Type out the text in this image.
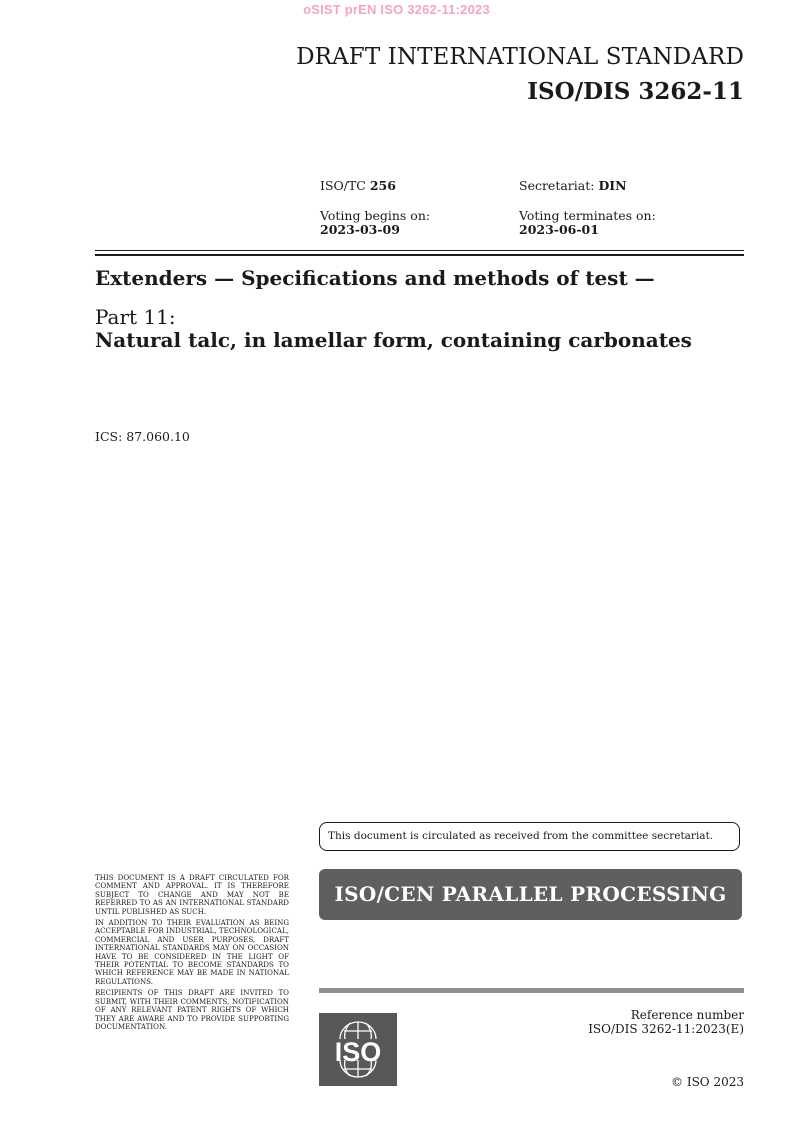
oSIST prEN ISO 3262-11:2023
DRAFT INTERNATIONAL STANDARD
ISO/DIS 3262-11
ISO/TC 256	Secretariat: DIN
Voting begins on:
2023-03-09
Voting terminates on:
2023-06-01
Extenders — Specifications and methods of test —
Part 11:
Natural talc, in lamellar form, containing carbonates
ICS: 87.060.10
This document is circulated as received from the committee secretariat.
ISO/CEN PARALLEL PROCESSING

THIS DOCUMENT IS A DRAFT CIRCULATED FOR COMMENT AND APPROVAL. IT IS THEREFORE SUBJECT TO CHANGE AND MAY NOT BE REFERRED TO AS AN INTERNATIONAL STANDARD UNTIL PUBLISHED AS SUCH.

IN ADDITION TO THEIR EVALUATION AS BEING ACCEPTABLE FOR INDUSTRIAL, TECHNOLOGICAL, COMMERCIAL AND USER PURPOSES, DRAFT INTERNATIONAL STANDARDS MAY ON OCCASION HAVE TO BE CONSIDERED IN THE LIGHT OF THEIR POTENTIAL TO BECOME STANDARDS TO WHICH REFERENCE MAY BE MADE IN NATIONAL REGULATIONS.

RECIPIENTS OF THIS DRAFT ARE INVITED TO SUBMIT, WITH THEIR COMMENTS, NOTIFICATION OF ANY RELEVANT PATENT RIGHTS OF WHICH THEY ARE AWARE AND TO PROVIDE SUPPORTING DOCUMENTATION.

ISO
Reference number
ISO/DIS 3262-11:2023(E)
© ISO 2023
